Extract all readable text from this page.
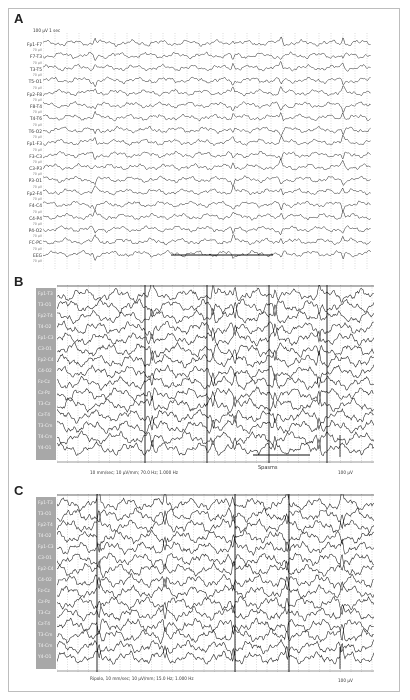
A
100 µV 1 sec
Fp1-F7
70 µV
F7-T3
70 µV
T3-T5
70 µV
T5-O1
70 µV
Fp2-F8
70 µV
F8-T4
70 µV
T4-T6
70 µV
T6-O2
70 µV
Fp1-F3
70 µV
F3-C3
70 µV
C3-P3
70 µV
P3-O1
70 µV
Fp2-F4
70 µV
F4-C4
70 µV
C4-P4
70 µV
P4-O2
70 µV
FC-PC
70 µV
EEG
70 µV
B
Fp1-T3
T3-O1
Fp2-T4
T4-O2
Fp1-C3
C3-O1
Fp2-C4
C4-O2
Fz-Cz
Cz-Pz
T3-Cz
Cz-T4
T3-Cm
T4-Cm
Y4-O1
10 mm/sec; 10 µV/mm; 70.0 Hz; 1.000 Hz
Spasms
100 µV
C
Fp1-T3
T3-O1
Fp2-T4
T4-O2
Fp1-C3
C3-O1
Fp2-C4
C4-O2
Fz-Cz
Cz-Pz
T3-Cz
Cz-T4
T3-Cm
T4-Cm
Y4-O1
Ripolo, 10 mm/sec; 10 µV/mm; 15.0 Hz; 1.000 Hz	100 µV
